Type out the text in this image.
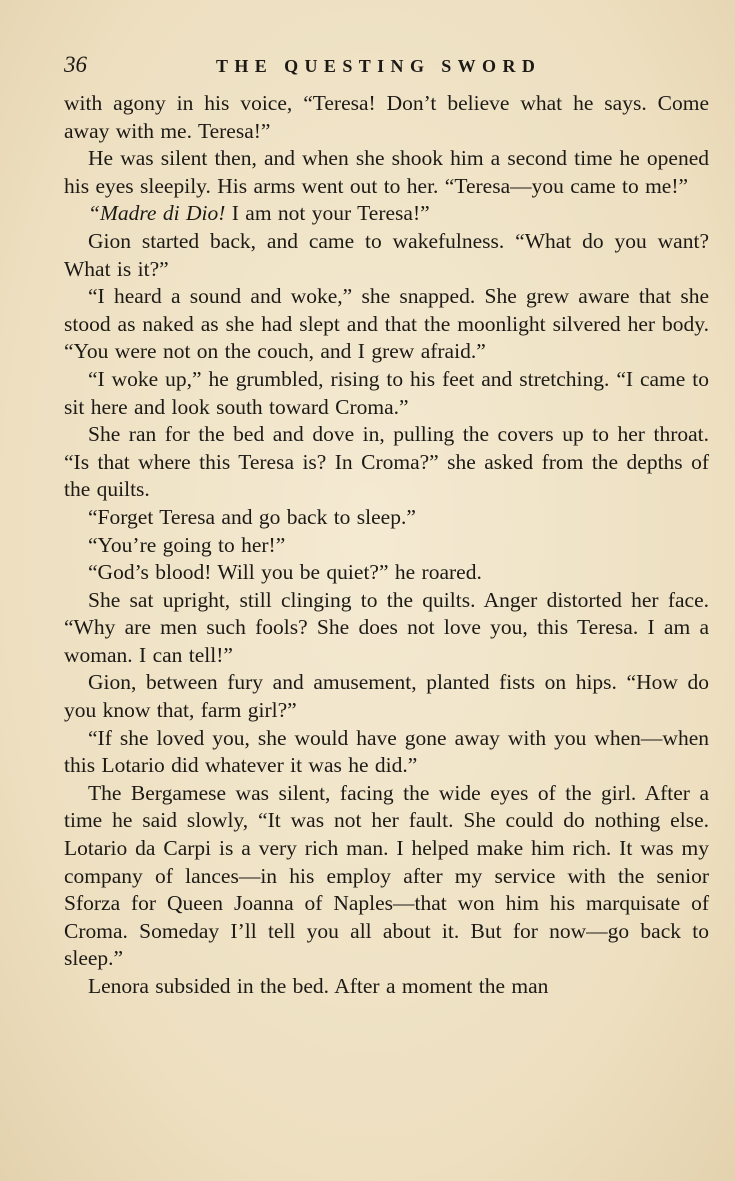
36	THE QUESTING SWORD

with agony in his voice, “Teresa! Don’t believe what he says. Come away with me. Teresa!”

He was silent then, and when she shook him a second time he opened his eyes sleepily. His arms went out to her. “Teresa—you came to me!”

“Madre di Dio! I am not your Teresa!”

Gion started back, and came to wakefulness. “What do you want? What is it?”

“I heard a sound and woke,” she snapped. She grew aware that she stood as naked as she had slept and that the moonlight silvered her body. “You were not on the couch, and I grew afraid.”

“I woke up,” he grumbled, rising to his feet and stretching. “I came to sit here and look south toward Croma.”

She ran for the bed and dove in, pulling the covers up to her throat. “Is that where this Teresa is? In Croma?” she asked from the depths of the quilts.

“Forget Teresa and go back to sleep.”

“You’re going to her!”

“God’s blood! Will you be quiet?” he roared.

She sat upright, still clinging to the quilts. Anger distorted her face. “Why are men such fools? She does not love you, this Teresa. I am a woman. I can tell!”

Gion, between fury and amusement, planted fists on hips. “How do you know that, farm girl?”

“If she loved you, she would have gone away with you when—when this Lotario did whatever it was he did.”

The Bergamese was silent, facing the wide eyes of the girl. After a time he said slowly, “It was not her fault. She could do nothing else. Lotario da Carpi is a very rich man. I helped make him rich. It was my company of lances—in his employ after my service with the senior Sforza for Queen Joanna of Naples—that won him his marquisate of Croma. Someday I’ll tell you all about it. But for now—go back to sleep.”

Lenora subsided in the bed. After a moment the man
